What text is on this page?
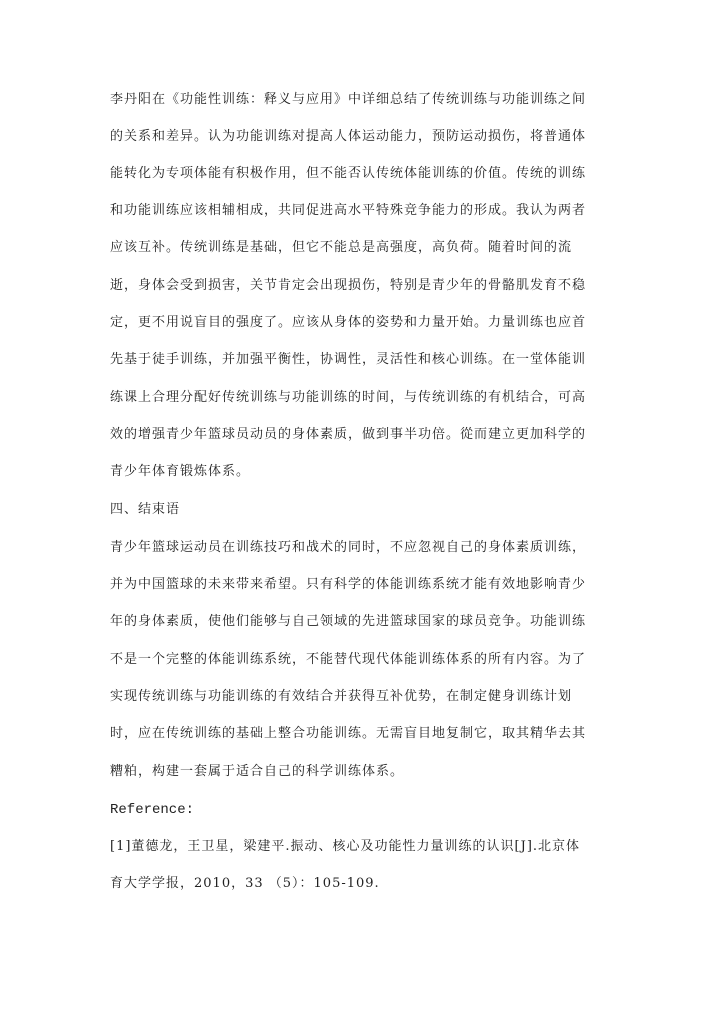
李丹阳在《功能性训练：释义与应用》中详细总结了传统训练与功能训练之间
的关系和差异。认为功能训练对提高人体运动能力，预防运动损伤，将普通体
能转化为专项体能有积极作用，但不能否认传统体能训练的价值。传统的训练
和功能训练应该相辅相成，共同促进高水平特殊竞争能力的形成。我认为两者
应该互补。传统训练是基础，但它不能总是高强度，高负荷。随着时间的流
逝，身体会受到损害，关节肯定会出现损伤，特别是青少年的骨骼肌发育不稳
定，更不用说盲目的强度了。应该从身体的姿势和力量开始。力量训练也应首
先基于徒手训练，并加强平衡性，协调性，灵活性和核心训练。在一堂体能训
练课上合理分配好传统训练与功能训练的时间，与传统训练的有机结合，可高
效的增强青少年篮球员动员的身体素质，做到事半功倍。從而建立更加科学的
青少年体育锻炼体系。
四、结束语
青少年篮球运动员在训练技巧和战术的同时，不应忽视自己的身体素质训练，
并为中国篮球的未来带来希望。只有科学的体能训练系统才能有效地影响青少
年的身体素质，使他们能够与自己领域的先进篮球国家的球员竞争。功能训练
不是一个完整的体能训练系统，不能替代现代体能训练体系的所有内容。为了
实现传统训练与功能训练的有效结合并获得互补优势，在制定健身训练计划
时，应在传统训练的基础上整合功能训练。无需盲目地复制它，取其精华去其
糟粕，构建一套属于适合自己的科学训练体系。
Reference:
[1]董德龙，王卫星，梁建平.振动、核心及功能性力量训练的认识[J].北京体
育大学学报，2010，33 （5）：105-109.
